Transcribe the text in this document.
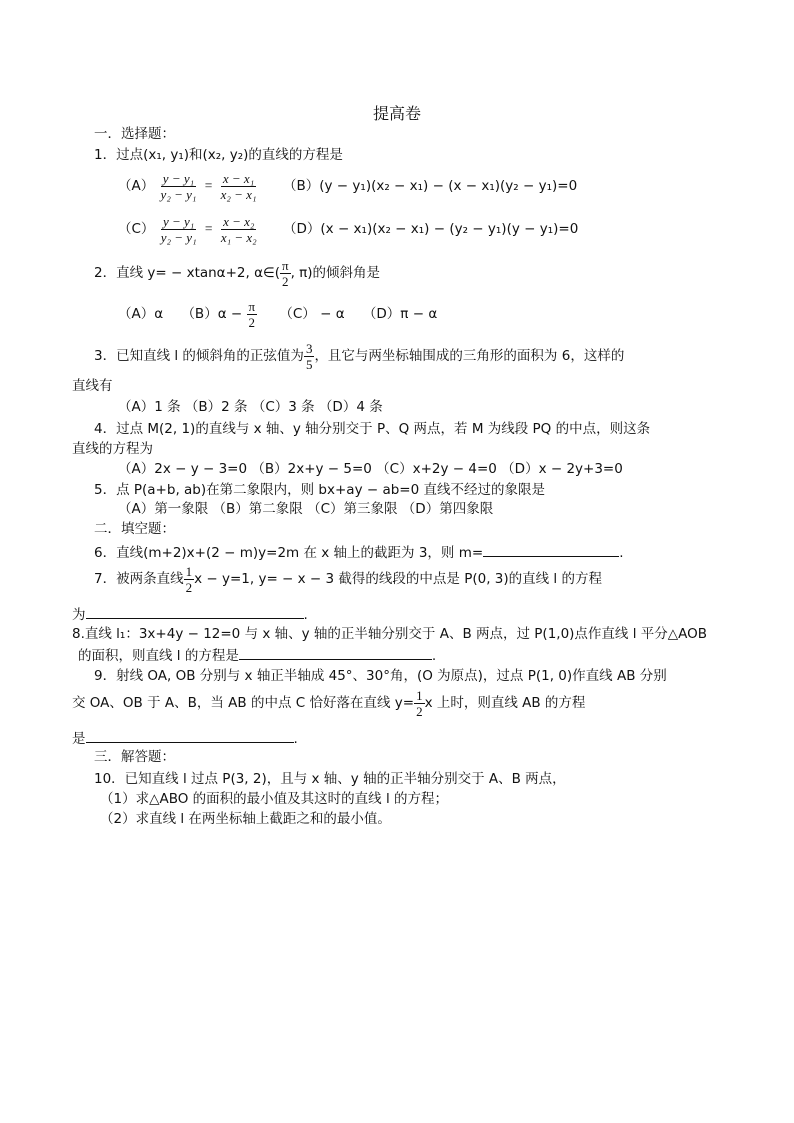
提高卷
一．选择题：
1．过点(x₁, y₁)和(x₂, y₂)的直线的方程是
$(A) \frac{\text{y − y₁}}{\text{y₂ − y₁}} = \frac{\text{x − x₁}}{\text{x₂ − x₁}} (B)(y - y_1)(x_2 - x_1) - (x - x_1)(y_2 - y_1)=0$
$(C) \frac{\text{y − y₁}}{\text{y₂ − y₁}} = \frac{\text{x − x₂}}{\text{x₁ − x₂}} (D)(x - x_1)(x_2 - x_1) - (y_2 - y_1)(y - y_1)=0$
2．直线 y= − xtanα+2, α∈( $\frac{\pi}{2}$ , π)的倾斜角是
（A）α $(B)\alpha - \frac{\pi}{2} (C) - \alpha$ （D）π − α
3．已知直线 l 的倾斜角的正弦值为 $\frac{3}{5}$ ，且它与两坐标轴围成的三角形的面积为 6，这样的
直线有
（A）1 条 （B）2 条 （C）3 条 （D）4 条
4．过点 M(2, 1)的直线与 x 轴、y 轴分别交于 P、Q 两点，若 M 为线段 PQ 的中点，则这条
直线的方程为
（A）2x − y − 3=0 （B）2x+y − 5=0 （C）x+2y − 4=0 （D）x − 2y+3=0
5．点 P(a+b, ab)在第二象限内，则 bx+ay − ab=0 直线不经过的象限是
（A）第一象限 （B）第二象限 （C）第三象限 （D）第四象限
二．填空题：
6．直线(m+2)x+(2 − m)y=2m 在 x 轴上的截距为 3，则 m=	.
7．被两条直线 $\frac{1}{2}$ x − y=1, y= − x − 3 截得的线段的中点是 P(0, 3)的直线 l 的方程
为	.
8.直线 l₁：3x+4y − 12=0 与 x 轴、y 轴的正半轴分别交于 A、B 两点，过 P(1,0)点作直线 l 平分△AOB
的面积，则直线 l 的方程是	.
9．射线 OA, OB 分别与 x 轴正半轴成 45°、30°角，(O 为原点)，过点 P(1, 0)作直线 AB 分别
交 OA、OB 于 A、B，当 AB 的中点 C 恰好落在直线 $y= \frac{1}{2}$ x 上时，则直线 AB 的方程
是	.
三．解答题：
10．已知直线 l 过点 P(3, 2)，且与 x 轴、y 轴的正半轴分别交于 A、B 两点，
（1）求△ABO 的面积的最小值及其这时的直线 l 的方程；
（2）求直线 l 在两坐标轴上截距之和的最小值。
